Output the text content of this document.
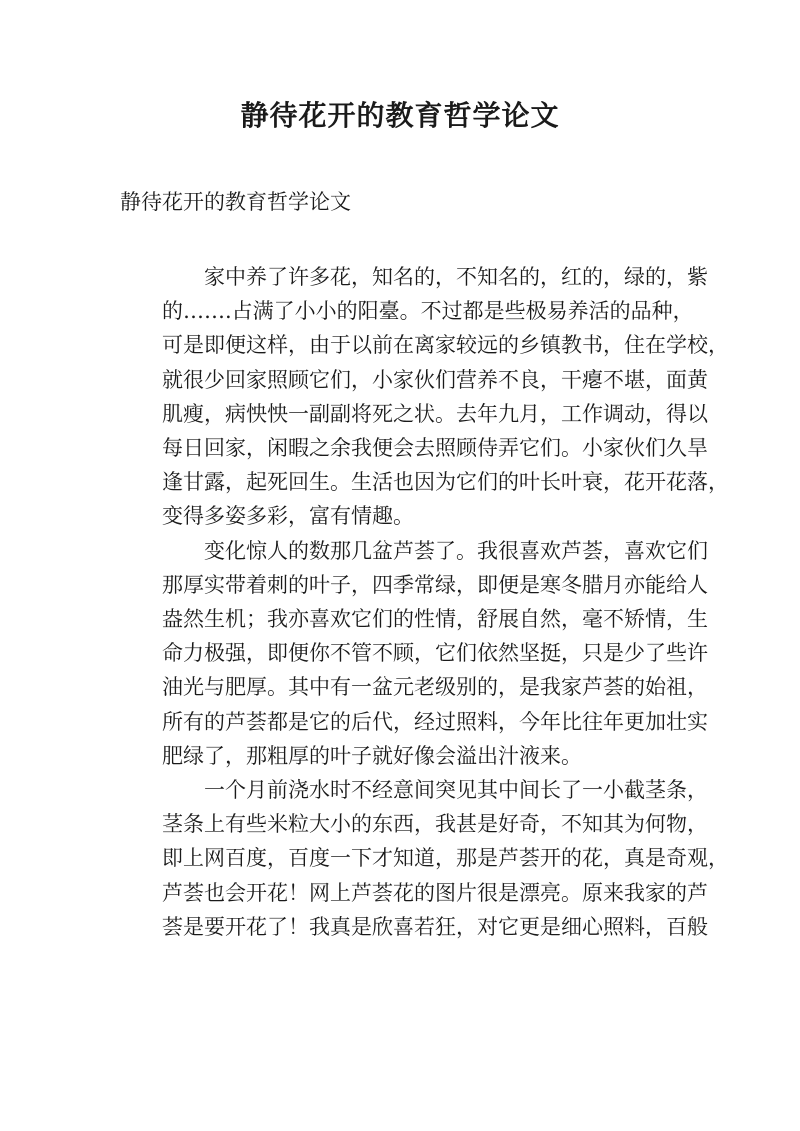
静待花开的教育哲学论文
静待花开的教育哲学论文

家中养了许多花，知名的，不知名的，红的，绿的，紫
的…….占满了小小的阳臺。不过都是些极易养活的品种，
可是即便这样，由于以前在离家较远的乡镇教书，住在学校，
就很少回家照顾它们，小家伙们营养不良，干瘪不堪，面黄
肌瘦，病怏怏一副副将死之状。去年九月，工作调动，得以
每日回家，闲暇之余我便会去照顾侍弄它们。小家伙们久旱
逢甘露，起死回生。生活也因为它们的叶长叶衰，花开花落，
变得多姿多彩，富有情趣。

变化惊人的数那几盆芦荟了。我很喜欢芦荟，喜欢它们
那厚实带着刺的叶子，四季常绿，即便是寒冬腊月亦能给人
盎然生机；我亦喜欢它们的性情，舒展自然，毫不矫情，生
命力极强，即便你不管不顾，它们依然坚挺，只是少了些许
油光与肥厚。其中有一盆元老级别的，是我家芦荟的始祖，
所有的芦荟都是它的后代，经过照料，今年比往年更加壮实
肥绿了，那粗厚的叶子就好像会溢出汁液来。

一个月前浇水时不经意间突见其中间长了一小截茎条，
茎条上有些米粒大小的东西，我甚是好奇，不知其为何物，
即上网百度，百度一下才知道，那是芦荟开的花，真是奇观，
芦荟也会开花！网上芦荟花的图片很是漂亮。原来我家的芦
荟是要开花了！我真是欣喜若狂，对它更是细心照料，百般
